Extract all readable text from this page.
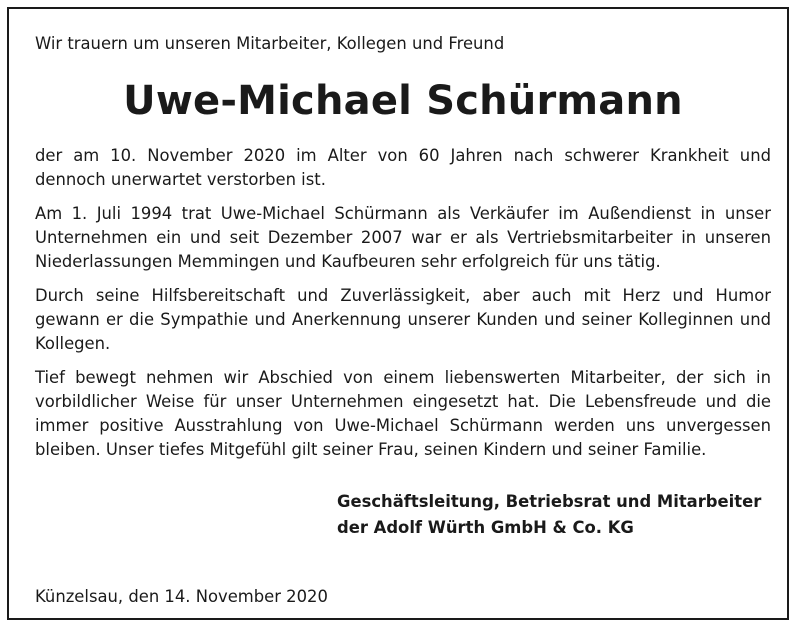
Wir trauern um unseren Mitarbeiter, Kollegen und Freund

Uwe-Michael Schürmann

der am 10. November 2020 im Alter von 60 Jahren nach schwerer Krankheit und dennoch unerwartet verstorben ist.

Am 1. Juli 1994 trat Uwe-Michael Schürmann als Verkäufer im Außendienst in unser Unternehmen ein und seit Dezember 2007 war er als Vertriebsmitarbeiter in unseren Niederlassungen Memmingen und Kaufbeuren sehr erfolgreich für uns tätig.

Durch seine Hilfsbereitschaft und Zuverlässigkeit, aber auch mit Herz und Humor gewann er die Sympathie und Anerkennung unserer Kunden und seiner Kolleginnen und Kollegen.

Tief bewegt nehmen wir Abschied von einem liebenswerten Mitarbeiter, der sich in vorbildlicher Weise für unser Unternehmen eingesetzt hat. Die Lebensfreude und die immer positive Ausstrahlung von Uwe-Michael Schürmann werden uns unvergessen bleiben. Unser tiefes Mitgefühl gilt seiner Frau, seinen Kindern und seiner Familie.

Geschäftsleitung, Betriebsrat und Mitarbeiter
der Adolf Würth GmbH & Co. KG
Künzelsau, den 14. November 2020
